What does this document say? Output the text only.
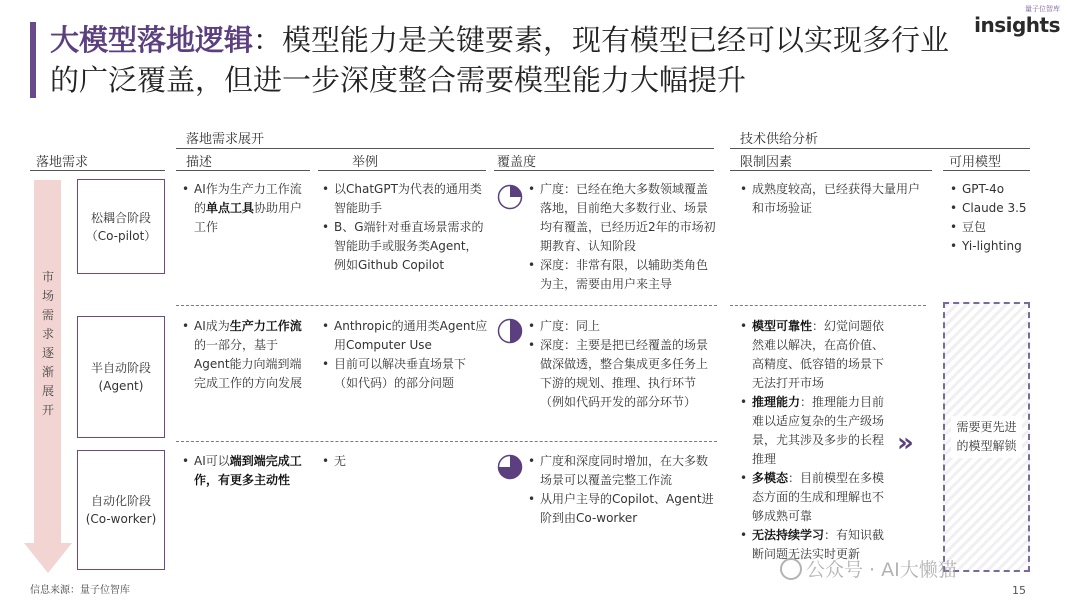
大模型落地逻辑：模型能力是关键要素，现有模型已经可以实现多行业
的广泛覆盖，但进一步深度整合需要模型能力大幅提升
量子位智库
insights
落地需求展开	技术供给分析
落地需求	描述	举例	覆盖度	限制因素	可用模型
市场需求逐渐展开
松耦合阶段
（Co-pilot）
半自动阶段
(Agent)
自动化阶段
(Co-worker)
• AI作为生产力工作流的单点工具协助用户工作
• 以ChatGPT为代表的通用类智能助手
• B、G端针对垂直场景需求的智能助手或服务类Agent，例如Github Copilot
• 广度：已经在绝大多数领域覆盖落地，目前绝大多数行业、场景均有覆盖，已经历近2年的市场初期教育、认知阶段
• 深度：非常有限，以辅助类角色为主，需要由用户来主导
• 成熟度较高，已经获得大量用户和市场验证
• GPT-4o
• Claude 3.5
• 豆包
• Yi-lighting
• AI成为生产力工作流的一部分，基于Agent能力向端到端完成工作的方向发展
• Anthropic的通用类Agent应用Computer Use
• 目前可以解决垂直场景下（如代码）的部分问题
• 广度：同上
• 深度：主要是把已经覆盖的场景做深做透，整合集成更多任务上下游的规划、推理、执行环节（例如代码开发的部分环节）
• 模型可靠性：幻觉问题依然难以解决，在高价值、高精度、低容错的场景下无法打开市场
• 推理能力：推理能力目前难以适应复杂的生产级场景，尤其涉及多步的长程推理
• 多模态：目前模型在多模态方面的生成和理解也不够成熟可靠
• 无法持续学习：有知识截断问题无法实时更新
• AI可以端到端完成工作，有更多主动性
• 无
•	广度和深度同时增加，在大多数场景可以覆盖完整工作流
• 从用户主导的Copilot、Agent进阶到由Co-worker
»
需要更先进的模型解锁
信息来源：量子位智库
公众号 · AI大懒猫
15
